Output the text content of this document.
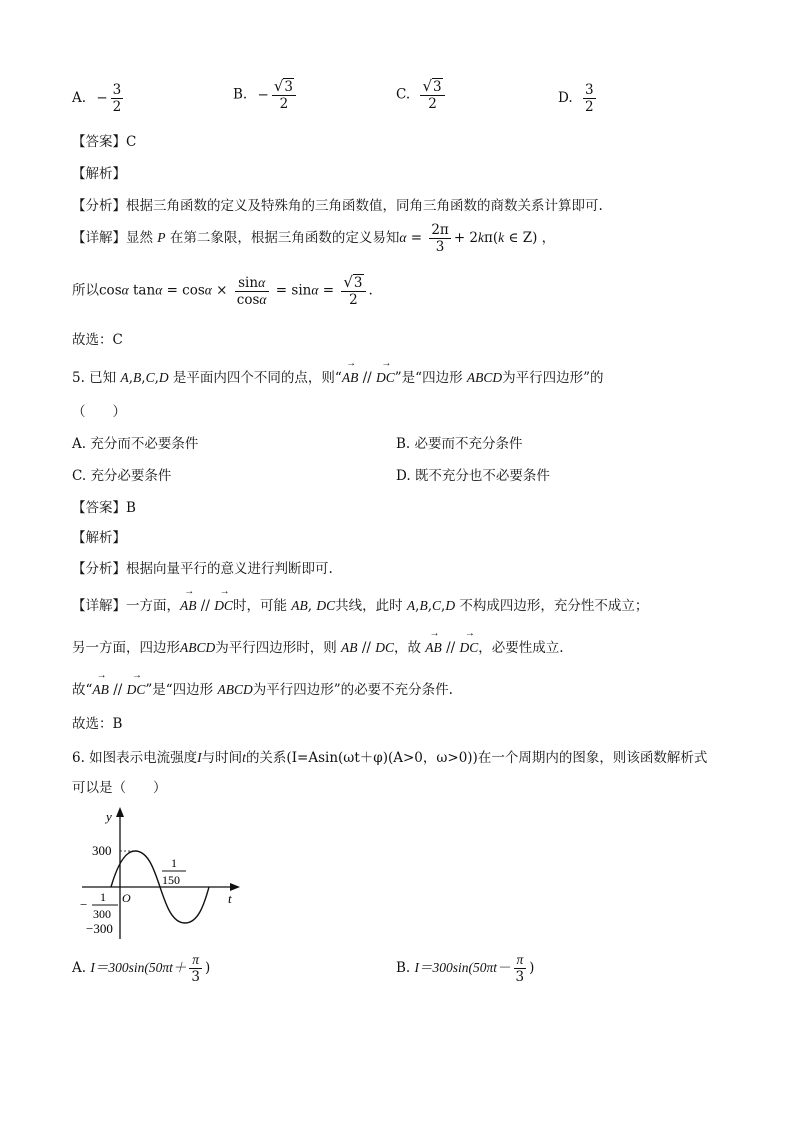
A. − $\frac{3}{2}$	B. − $\frac{√3}{2}$	C. $\frac{√3}{2}$	D. $\frac{3}{2}$
【答案】C
【解析】
【分析】根据三角函数的定义及特殊角的三角函数值，同角三角函数的商数关系计算即可.
【详解】显然 P 在第二象限，根据三角函数的定义易知$\alpha = \frac{2\pi}{3} + 2k\pi(k$ ∈ Z) ，
所以cosα $\tan\alpha = \cos\alpha \times \frac{\sin\alpha}{\cos\alpha} = \sin\alpha = \frac{√3}{2}$ .
故选：C
5. 已知 A,B,C,D 是平面内四个不同的点，则“→ AB // → DC”是“四边形 ABCD为平行四边形”的
（　　）
A. 充分而不必要条件	B. 必要而不充分条件
C. 充分必要条件	D. 既不充分也不必要条件
【答案】B
【解析】
【分析】根据向量平行的意义进行判断即可.
【详解】一方面，→ AB // → DC时，可能 AB, DC共线，此时 A,B,C,D 不构成四边形，充分性不成立；
另一方面，四边形ABCD为平行四边形时，则 AB // DC，故 → AB // → DC，必要性成立.
故“→ AB // → DC”是“四边形 ABCD为平行四边形”的必要不充分条件.
故选：B
6. 如图表示电流强度I与时间t的关系(I=Asin(ωt＋φ)(A>0，ω>0))在一个周期内的图象，则该函数解析式
可以是（　　）
y
t
O
300
−300
− 1
300
1
150
A. $I=300\sin(50\pi t+ \frac{\pi}{3}$ )	B. $I=300\sin(50\pi t- \frac{\pi}{3}$ )
